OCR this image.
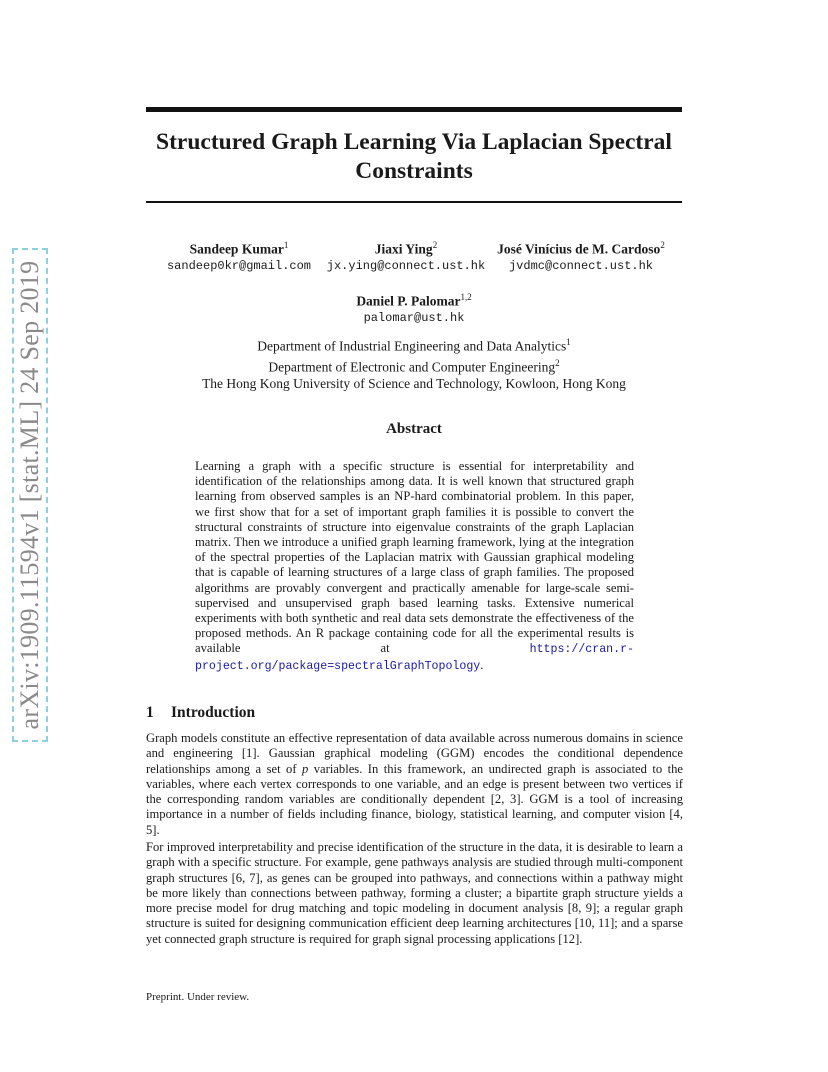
arXiv:1909.11594v1 [stat.ML] 24 Sep 2019
Structured Graph Learning Via Laplacian Spectral Constraints
Sandeep Kumar$^1$
sandeep0kr@gmail.com
Jiaxi Ying$^2$
jx.ying@connect.ust.hk
José Vinícius de M. Cardoso$^2$
jvdmc@connect.ust.hk
Daniel P. Palomar$^{1,2}$
palomar@ust.hk
Department of Industrial Engineering and Data Analytics$^1$
Department of Electronic and Computer Engineering$^2$
The Hong Kong University of Science and Technology, Kowloon, Hong Kong
Abstract

Learning a graph with a specific structure is essential for interpretability and identification of the relationships among data. It is well known that structured graph learning from observed samples is an NP-hard combinatorial problem. In this paper, we first show that for a set of important graph families it is possible to convert the structural constraints of structure into eigenvalue constraints of the graph Laplacian matrix. Then we introduce a unified graph learning framework, lying at the integration of the spectral properties of the Laplacian matrix with Gaussian graphical modeling that is capable of learning structures of a large class of graph families. The proposed algorithms are provably convergent and practically amenable for large-scale semi-supervised and unsupervised graph based learning tasks. Extensive numerical experiments with both synthetic and real data sets demonstrate the effectiveness of the proposed methods. An R package containing code for all the experimental results is available at	https://cran.r-project.org/package=spectralGraphTopology.

1 Introduction

Graph models constitute an effective representation of data available across numerous domains in science and engineering [1]. Gaussian graphical modeling (GGM) encodes the conditional dependence relationships among a set of p variables. In this framework, an undirected graph is associated to the variables, where each vertex corresponds to one variable, and an edge is present between two vertices if the corresponding random variables are conditionally dependent [2, 3]. GGM is a tool of increasing importance in a number of fields including finance, biology, statistical learning, and computer vision [4, 5].

For improved interpretability and precise identification of the structure in the data, it is desirable to learn a graph with a specific structure. For example, gene pathways analysis are studied through multi-component graph structures [6, 7], as genes can be grouped into pathways, and connections within a pathway might be more likely than connections between pathway, forming a cluster; a bipartite graph structure yields a more precise model for drug matching and topic modeling in document analysis [8, 9]; a regular graph structure is suited for designing communication efficient deep learning architectures [10, 11]; and a sparse yet connected graph structure is required for graph signal processing applications [12].

Preprint. Under review.
